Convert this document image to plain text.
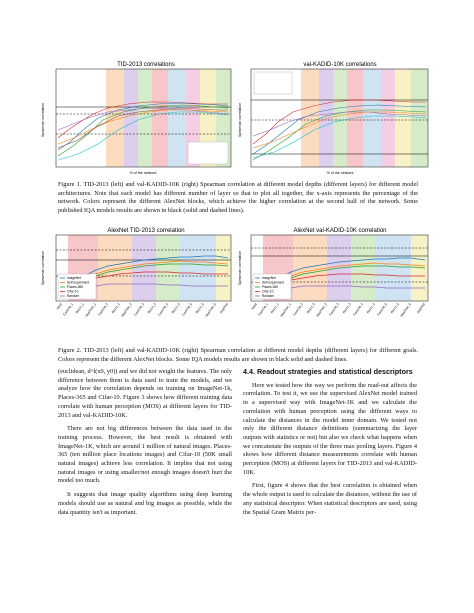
TID-2013 correlations
Spearman correlation
% of the network
val-KADID-10K correlations
Spearman correlation
% of the network
Figure 1. TID-2013 (left) and val-KADID-10K (right) Spearman correlation at different model depths (different layers) for different model architectures. Note that each model has different number of layer so that to plot all together, the x-axis represents the percentage of the network. Colors represent the different AlexNet blocks, which achieve the higher correlation at the second half of the network. Some published IQA models results are shown in black (solid and dashed lines).
AlexNet TID-2013 correlation
Spearman correlation	ImageNet
Self-supervised
Places-365
Cifar-10
Random
input Conv2d_1 ReLU_1 MaxPool_1 Conv2d_2 ReLU_2 MaxPool_2 Conv2d_3 ReLU_3 Conv2d_4 ReLU_4 Conv2d_5 ReLU_5 MaxPool_5 AvgPool
AlexNet val-KADID-10K correlation
Spearman correlation	ImageNet
Self-supervised
Places-365
Cifar-10
Random
input Conv2d_1 ReLU_1 MaxPool_1 Conv2d_2 ReLU_2 MaxPool_2 Conv2d_3 ReLU_3 Conv2d_4 ReLU_4 Conv2d_5 ReLU_5 MaxPool_5 AvgPool
Figure 2. TID-2013 (left) and val-KADID-10K (right) Spearman correlation at different model depths (different layers) for different goals. Colors represent the different AlexNet blocks. Some IQA models results are shown in black solid and dashed lines.

(euclidean, d^l(x0, y0)) and we did not weight the features. The only difference between them is data used to train the models, and we analyze how the correlation depends on training on ImageNet-1k, Places-365 and Cifar-10. Figure 3 shows how different training data correlate with human perception (MOS) at different layers for TID-2013 and val-KADID-10K.

There are not big differences between the data used in the training process. However, the best result is obtained with ImageNet-1K, which are around 1 million of natural images. Places-365 (ten million place locations images) and Cifar-10 (50K small natural images) achieve less correlation. It implies that not using natural images or using smaller/not enough images doesn't hurt the model too much.

It suggests that image quality algorithms using deep learning models should use as natural and big images as possible, while the data quantity isn't as important.

4.4. Readout strategies and statistical descriptors

Here we tested how the way we perform the read-out affects the correlation. To test it, we use the supervised AlexNet model trained in a supervised way with ImageNet-1K and we calculate the correlation with human perception using the different ways to calculate the distances in the model inner domain. We tested not only the different distance definitions (summarizing the layer outputs with statistics or not) but also we check what happens when we concatenate the outputs of the three max pooling layers. Figure 4 shows how different distance measurements correlate with human perception (MOS) at different layers for TID-2013 and val-KADID-10K.

First, figure 4 shows that the best correlation is obtained when the whole output is used to calculate the distances, without the use of any statistical descriptor. When statistical descriptors are used, using the Spatial Gram Matrix per-
